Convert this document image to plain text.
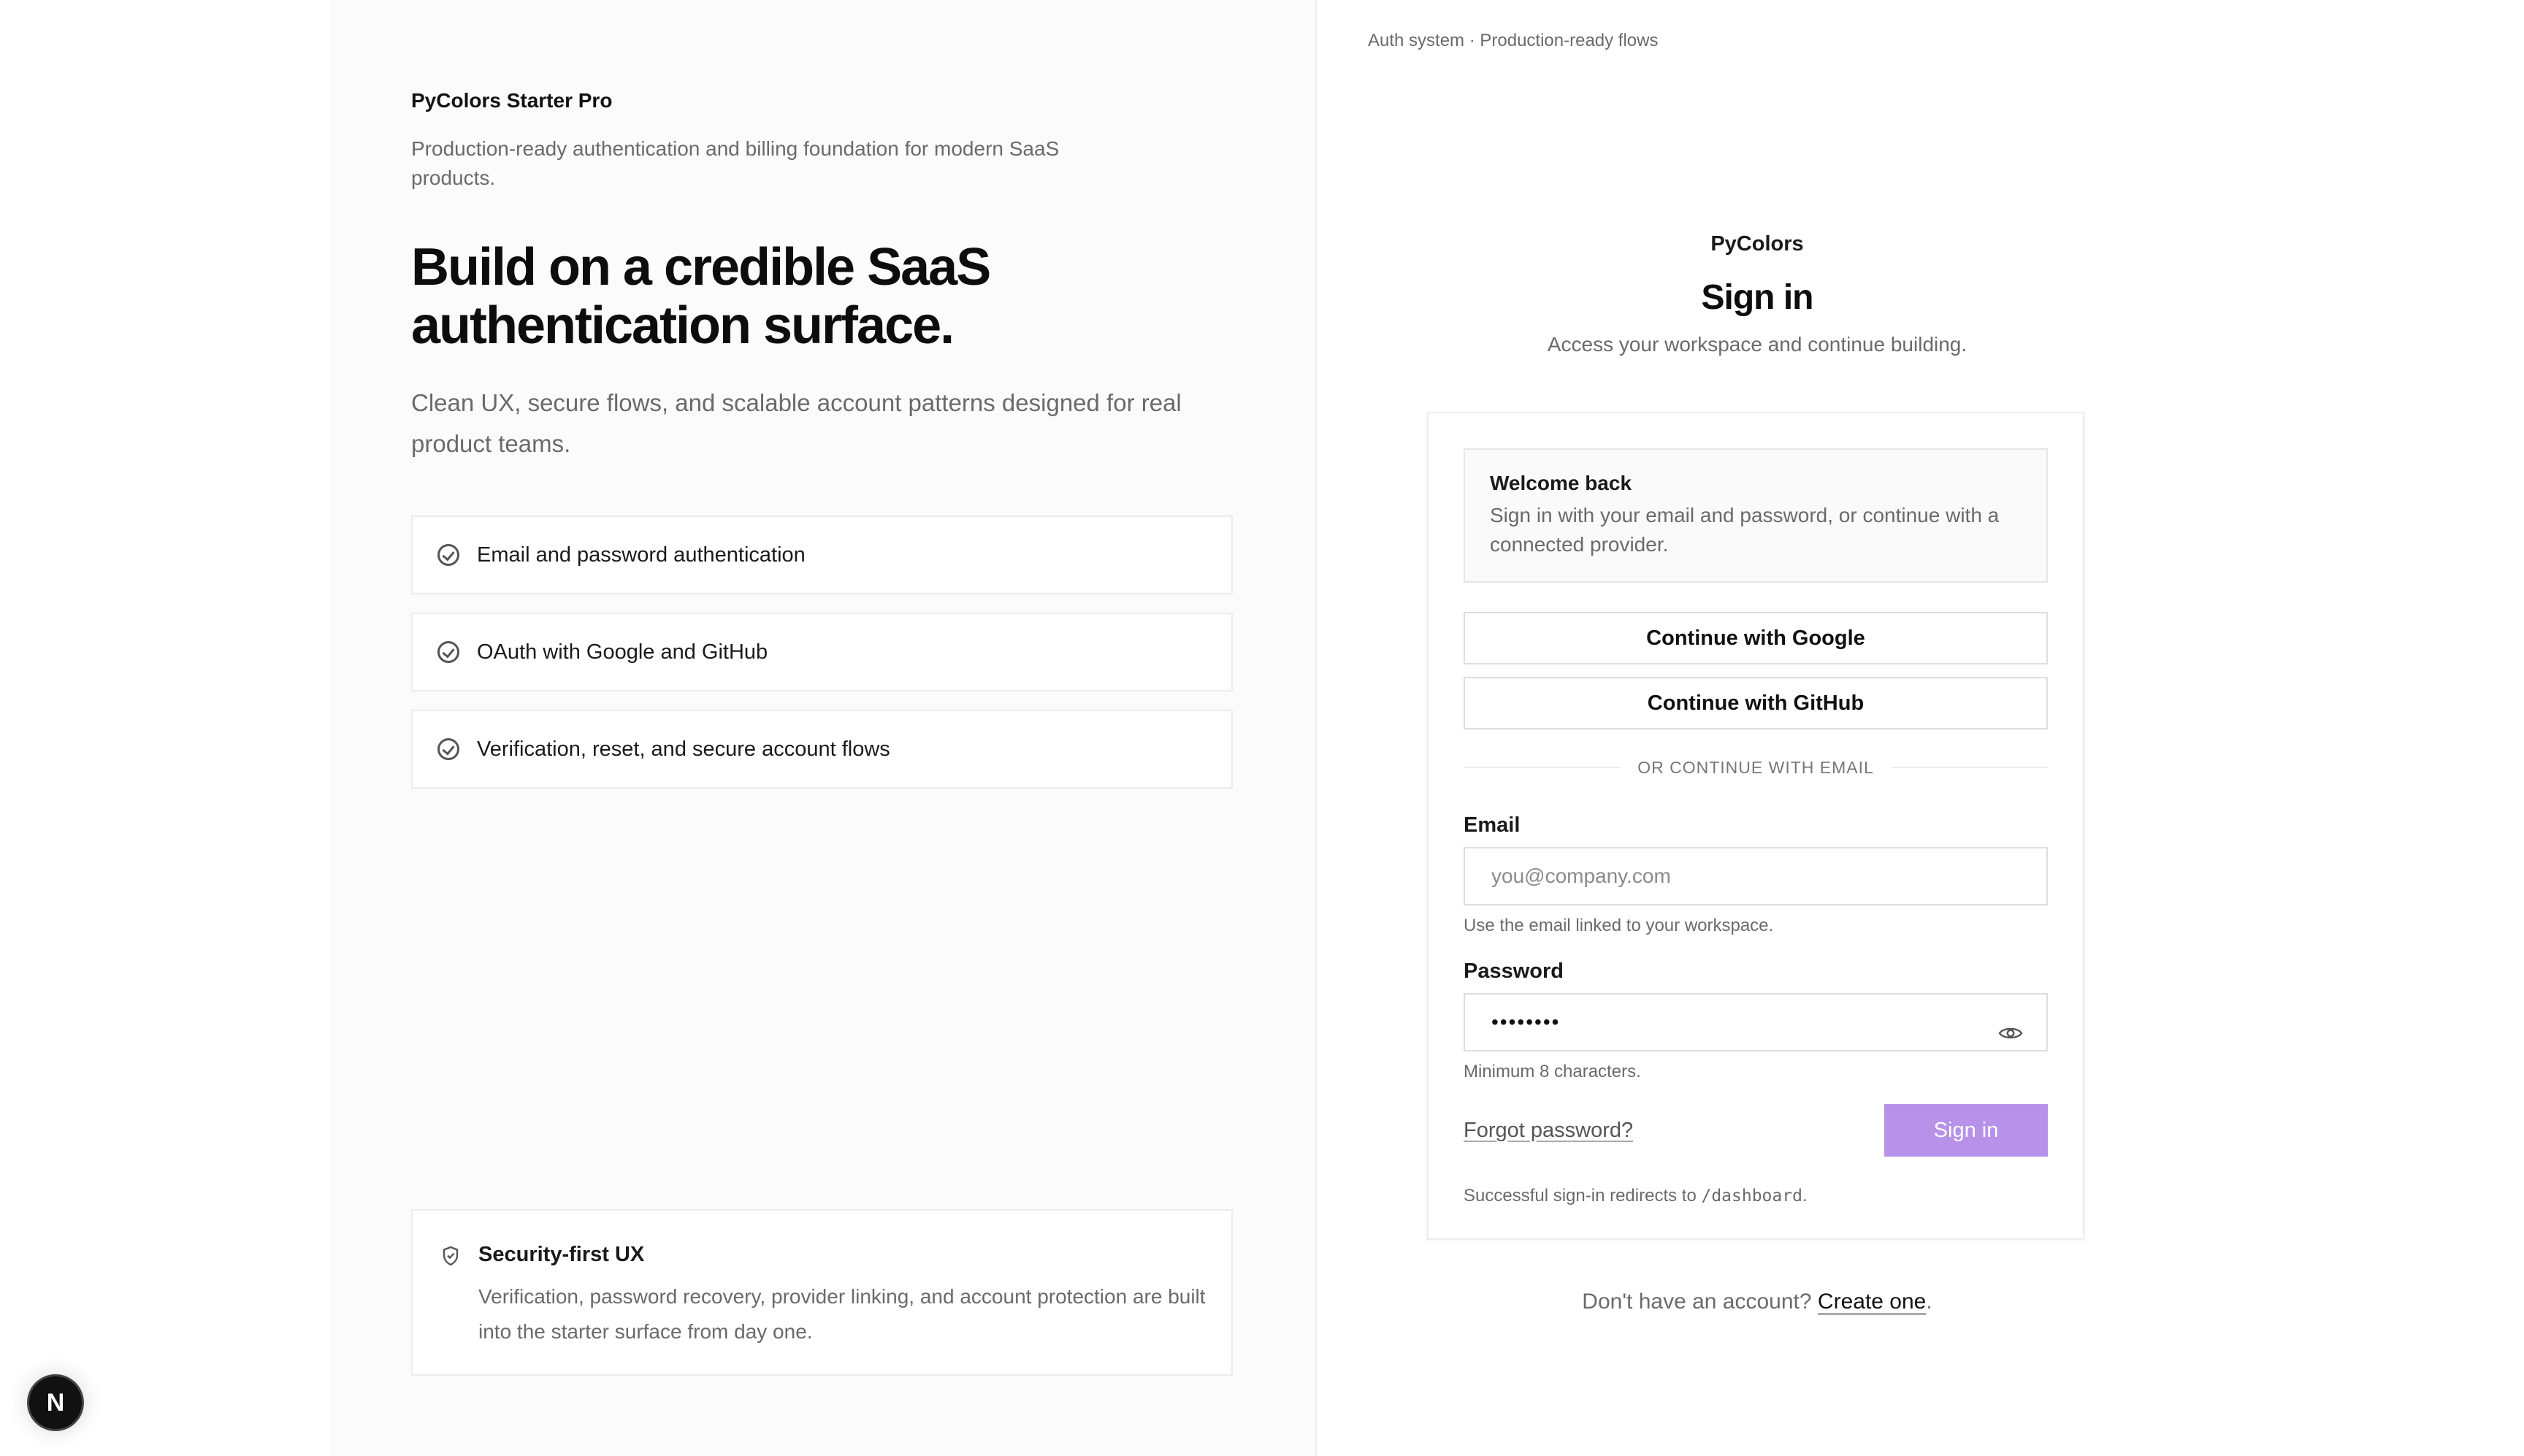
PyColors Starter Pro
Production-ready authentication and billing foundation for modern SaaS products.
Build on a credible SaaS authentication surface.

Clean UX, secure flows, and scalable account patterns designed for real product teams.

Email and password authentication
OAuth with Google and GitHub
Verification, reset, and secure account flows
Security-first UX
Verification, password recovery, provider linking, and account protection are built into the starter surface from day one.
N
Auth system · Production-ready flows
PyColors
Sign in

Access your workspace and continue building.

Welcome back
Sign in with your email and password, or continue with a connected provider.
Continue with Google
Continue with GitHub
OR CONTINUE WITH EMAIL
Email
you@company.com
Use the email linked to your workspace.
Password
••••••••
Minimum 8 characters.
Forgot password?	Sign in
Successful sign-in redirects to /dashboard.
Don't have an account? Create one.
